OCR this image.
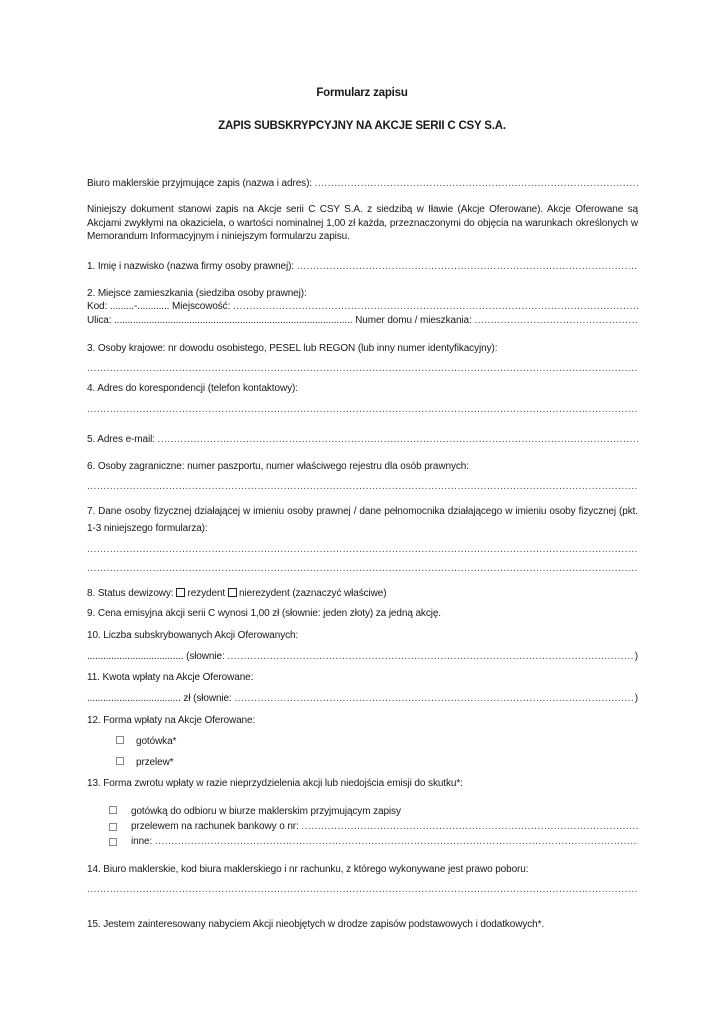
Formularz zapisu
ZAPIS SUBSKRYPCYJNY NA AKCJE SERII C CSY S.A.
Biuro maklerskie przyjmujące zapis (nazwa i adres):

.....
Niniejszy dokument stanowi zapis na Akcje serii C CSY S.A. z siedzibą w Iławie (Akcje Oferowane). Akcje Oferowane są Akcjami zwykłymi na okaziciela, o wartości nominalnej 1,00 zł każda, przeznaczonymi do objęcia na warunkach określonych w Memorandum Informacyjnym i niniejszym formularzu zapisu.
1. Imię i nazwisko (nazwa firmy osoby prawnej):

.....
2. Miejsce zamieszkania (siedziba osoby prawnej):
Kod: .........-............ Miejscowość:

.....
Ulica: ......................................................................................... Numer domu / mieszkania:

.....
3. Osoby krajowe: nr dowodu osobistego, PESEL lub REGON (lub inny numer identyfikacyjny):
.....
4. Adres do korespondencji (telefon kontaktowy):
.....
5. Adres e-mail:

.....
6. Osoby zagraniczne: numer paszportu, numer właściwego rejestru dla osób prawnych:
.....
7. Dane osoby fizycznej działającej w imieniu osoby prawnej / dane pełnomocnika działającego w imieniu osoby fizycznej (pkt. 1-3 niniejszego formularza):
.....
.....
8. Status dewizowy: rezydent nierezydent (zaznaczyć właściwe)
9. Cena emisyjna akcji serii C wynosi 1,00 zł (słownie: jeden złoty) za jedną akcję.
10. Liczba subskrybowanych Akcji Oferowanych:
.................................... (słownie:
.....	)
11. Kwota wpłaty na Akcje Oferowane:
................................... zł (słownie:
.....	)
12. Forma wpłaty na Akcje Oferowane:
gotówka*
przelew*
13. Forma zwrotu wpłaty w razie nieprzydzielenia akcji lub niedojścia emisji do skutku*:
gotówką do odbioru w biurze maklerskim przyjmującym zapisy
przelewem na rachunek bankowy o nr:

.....
inne:

.....
14. Biuro maklerskie, kod biura maklerskiego i nr rachunku, z którego wykonywane jest prawo poboru:
.....
15. Jestem zainteresowany nabyciem Akcji nieobjętych w drodze zapisów podstawowych i dodatkowych*.
